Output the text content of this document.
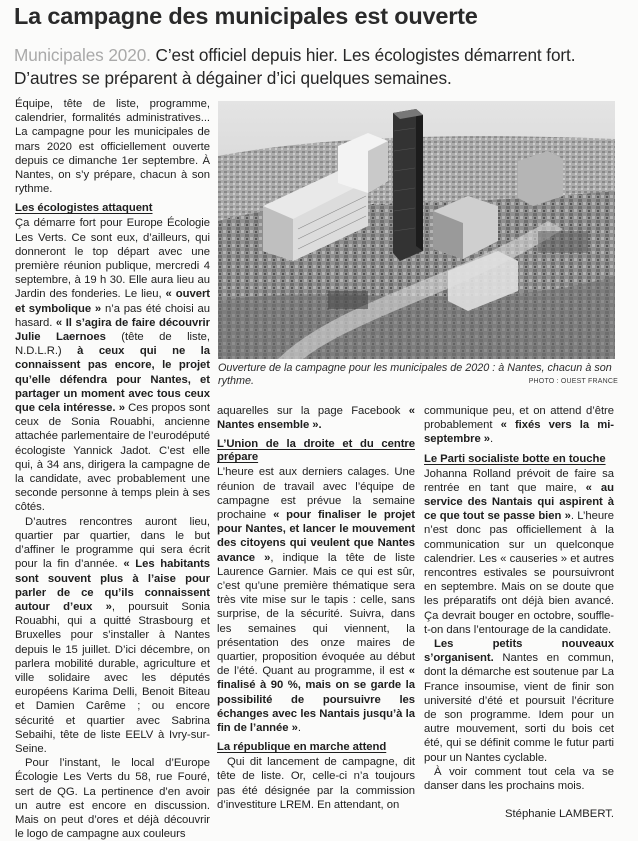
La campagne des municipales est ouverte

Municipales 2020. C’est officiel depuis hier. Les écologistes démarrent fort. D’autres se préparent à dégainer d’ici quelques semaines.

Équipe, tête de liste, programme, calendrier, formalités administratives... La campagne pour les municipales de mars 2020 est officiellement ouverte depuis ce dimanche 1er septembre. À Nantes, on s’y prépare, chacun à son rythme.

Les écologistes attaquent

Ça démarre fort pour Europe Écologie Les Verts. Ce sont eux, d’ailleurs, qui donneront le top départ avec une première réunion publique, mercredi 4 septembre, à 19 h 30. Elle aura lieu au Jardin des fonderies. Le lieu, « ouvert et symbolique » n’a pas été choisi au hasard. « Il s’agira de faire découvrir Julie Laernoes (tête de liste, N.D.L.R.) à ceux qui ne la connaissent pas encore, le projet qu’elle défendra pour Nantes, et partager un moment avec tous ceux que cela intéresse. » Ces propos sont ceux de Sonia Rouabhi, ancienne attachée parlementaire de l’eurodéputé écologiste Yannick Jadot. C’est elle qui, à 34 ans, dirigera la campagne de la candidate, avec probablement une seconde personne à temps plein à ses côtés.

D’autres rencontres auront lieu, quartier par quartier, dans le but d’affiner le programme qui sera écrit pour la fin d’année. « Les habitants sont souvent plus à l’aise pour parler de ce qu’ils connaissent autour d’eux », poursuit Sonia Rouabhi, qui a quitté Strasbourg et Bruxelles pour s’installer à Nantes depuis le 15 juillet. D’ici décembre, on parlera mobilité durable, agriculture et ville solidaire avec les députés européens Karima Delli, Benoit Biteau et Damien Carême ; ou encore sécurité et quartier avec Sabrina Sebaihi, tête de liste EELV à Ivry-sur-Seine.

Pour l’instant, le local d’Europe Écologie Les Verts du 58, rue Fouré, sert de QG. La pertinence d’en avoir un autre est encore en discussion. Mais on peut d’ores et déjà découvrir le logo de campagne aux couleurs

Ouverture de la campagne pour les municipales de 2020 : à Nantes, chacun à son rythme.	PHOTO : OUEST FRANCE

aquarelles sur la page Facebook « Nantes ensemble ».

L’Union de la droite et du centre prépare

L’heure est aux derniers calages. Une réunion de travail avec l’équipe de campagne est prévue la semaine prochaine « pour finaliser le projet pour Nantes, et lancer le mouvement des citoyens qui veulent que Nantes avance », indique la tête de liste Laurence Garnier. Mais ce qui est sûr, c’est qu’une première thématique sera très vite mise sur le tapis : celle, sans surprise, de la sécurité. Suivra, dans les semaines qui viennent, la présentation des onze maires de quartier, proposition évoquée au début de l’été. Quant au programme, il est « finalisé à 90 %, mais on se garde la possibilité de poursuivre les échanges avec les Nantais jusqu’à la fin de l’année ».

La république en marche attend

Qui dit lancement de campagne, dit tête de liste. Or, celle-ci n’a toujours pas été désignée par la commission d’investiture LREM. En attendant, on

communique peu, et on attend d’être probablement « fixés vers la mi-septembre ».

Le Parti socialiste botte en touche

Johanna Rolland prévoit de faire sa rentrée en tant que maire, « au service des Nantais qui aspirent à ce que tout se passe bien ». L’heure n’est donc pas officiellement à la communication sur un quelconque calendrier. Les « causeries » et autres rencontres estivales se poursuivront en septembre. Mais on se doute que les préparatifs ont déjà bien avancé. Ça devrait bouger en octobre, souffle-t-on dans l’entourage de la candidate.

Les petits nouveaux s’organisent. Nantes en commun, dont la démarche est soutenue par La France insoumise, vient de finir son université d’été et poursuit l’écriture de son programme. Idem pour un autre mouvement, sorti du bois cet été, qui se définit comme le futur parti pour un Nantes cyclable.

À voir comment tout cela va se danser dans les prochains mois.

Stéphanie LAMBERT.
